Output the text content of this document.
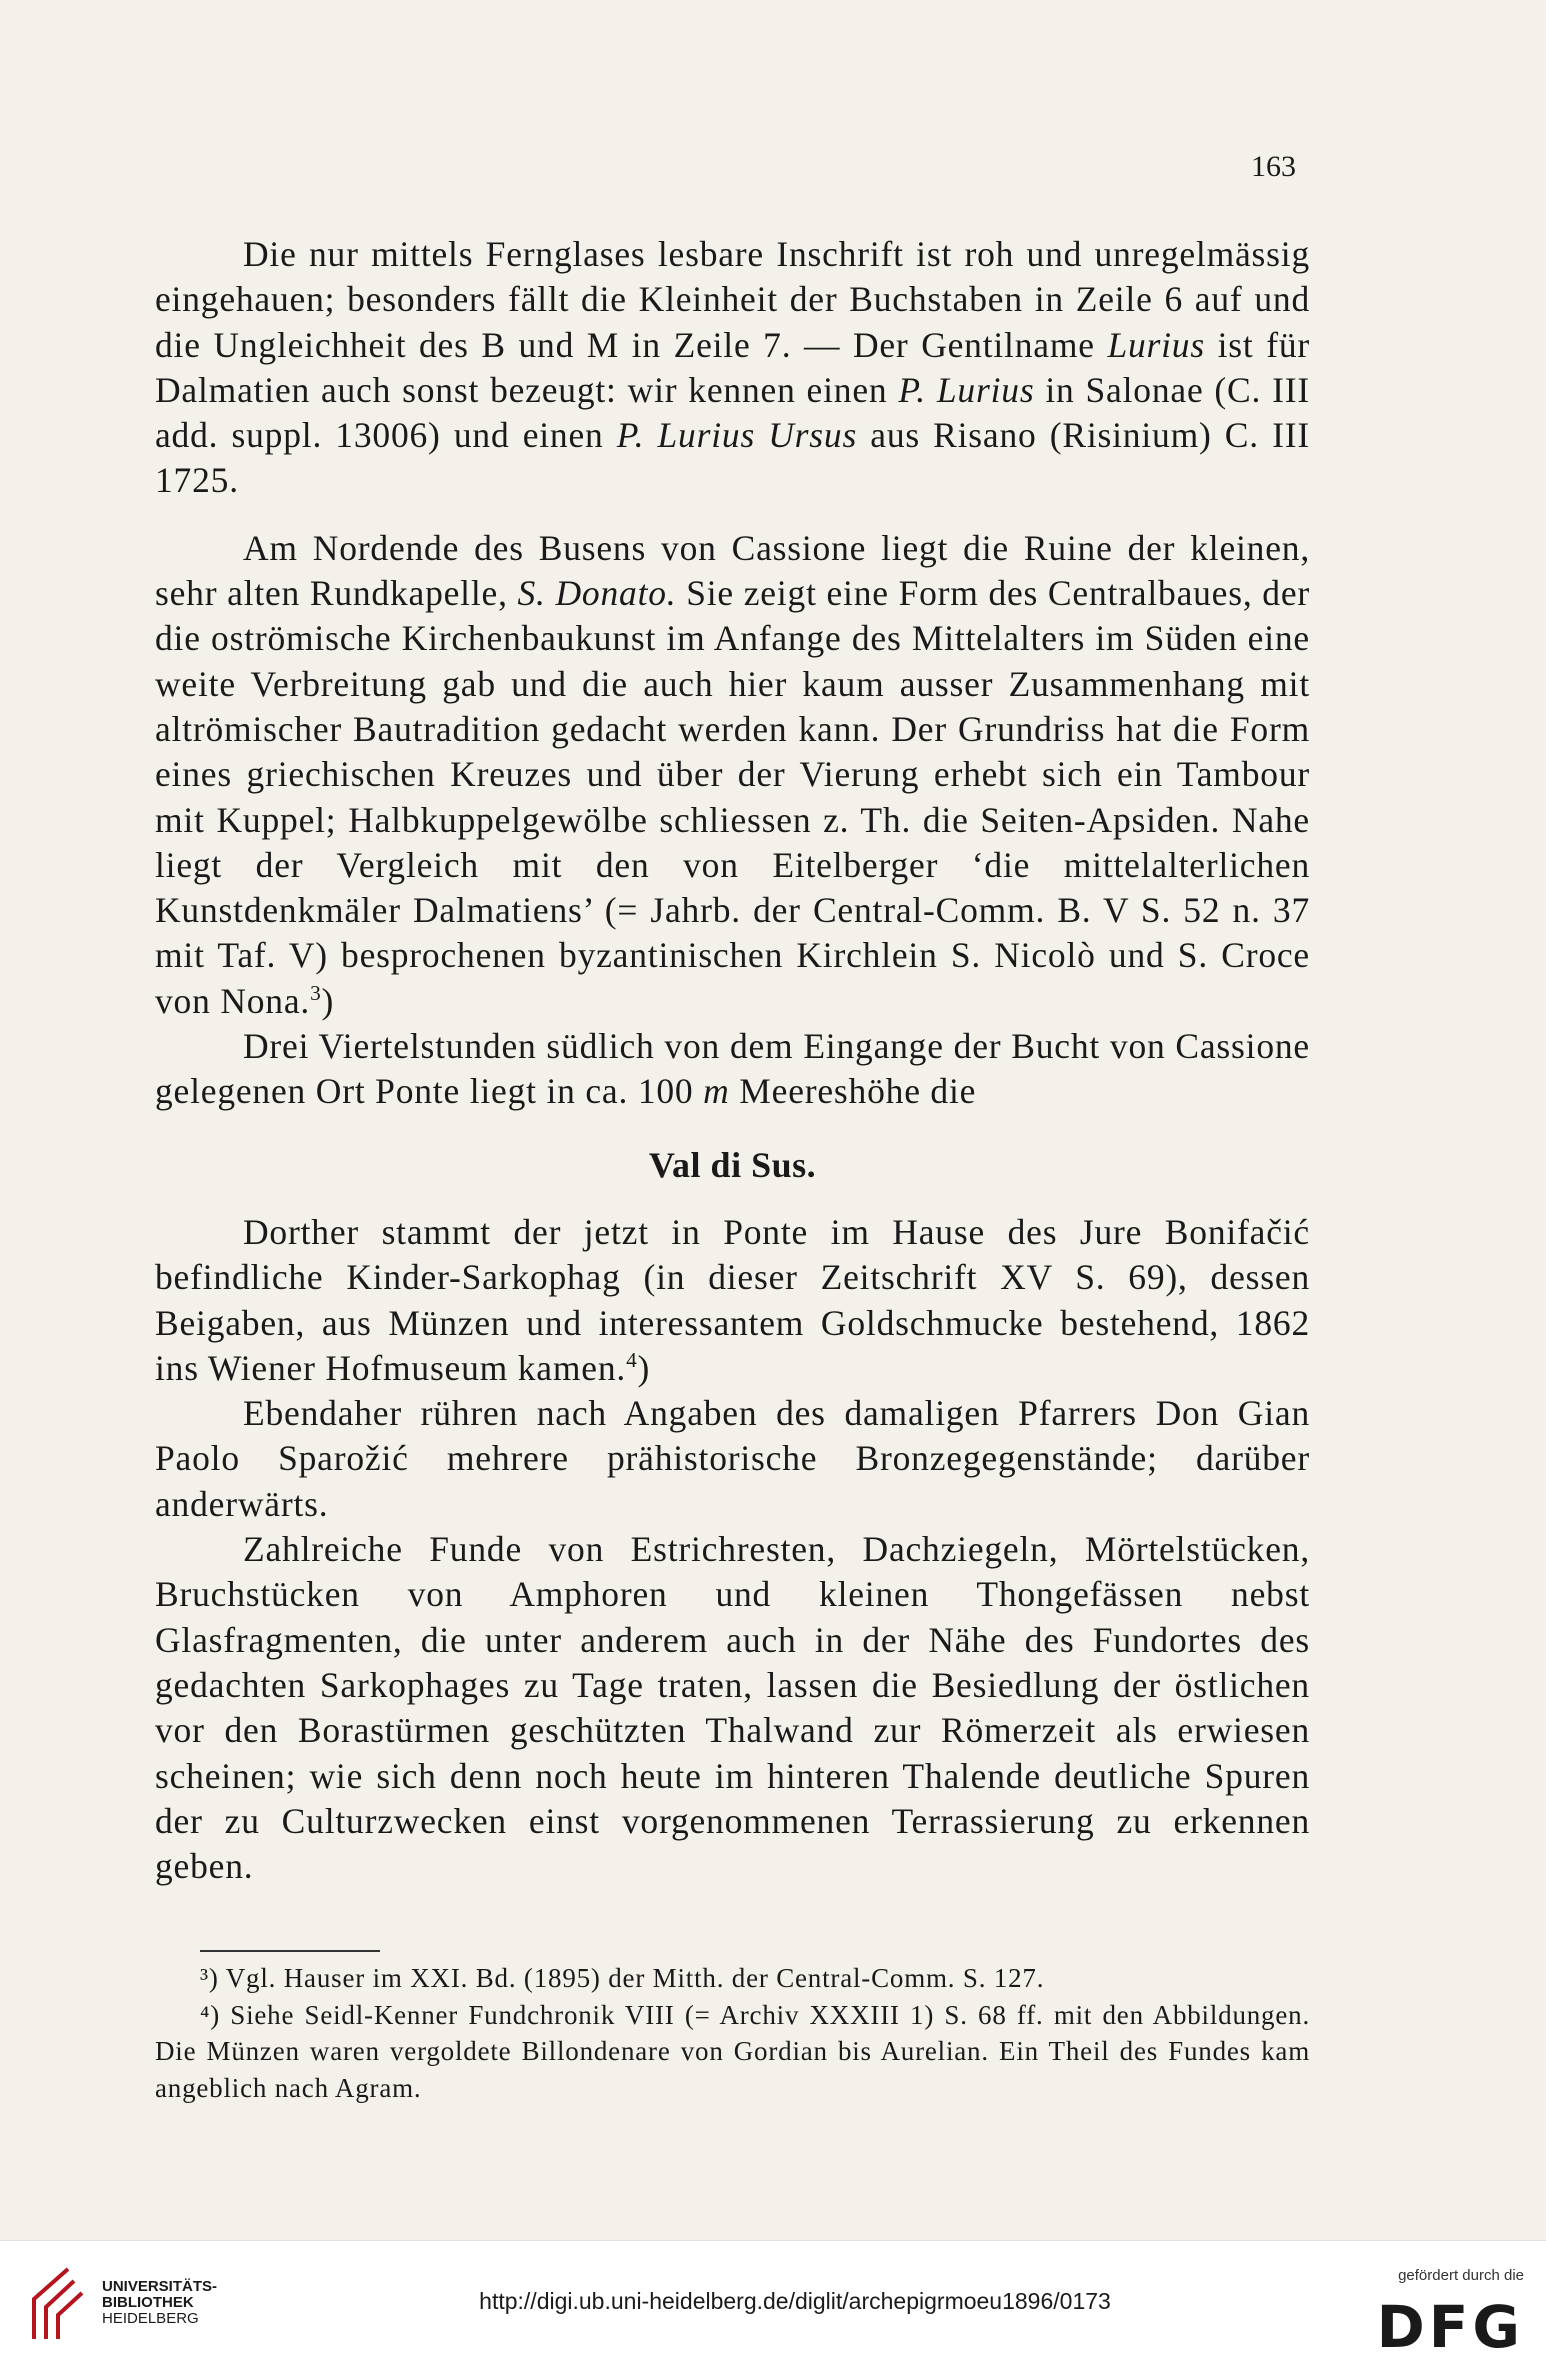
163

Die nur mittels Fernglases lesbare Inschrift ist roh und unregelmässig eingehauen; besonders fällt die Kleinheit der Buchstaben in Zeile 6 auf und die Ungleichheit des B und M in Zeile 7. — Der Gentilname Lurius ist für Dalmatien auch sonst bezeugt: wir kennen einen P. Lurius in Salonae (C. III add. suppl. 13006) und einen P. Lurius Ursus aus Risano (Risinium) C. III 1725.

Am Nordende des Busens von Cassione liegt die Ruine der kleinen, sehr alten Rundkapelle, S. Donato. Sie zeigt eine Form des Centralbaues, der die oströmische Kirchenbaukunst im Anfange des Mittelalters im Süden eine weite Verbreitung gab und die auch hier kaum ausser Zusammenhang mit altrömischer Bautradition gedacht werden kann. Der Grundriss hat die Form eines griechischen Kreuzes und über der Vierung erhebt sich ein Tambour mit Kuppel; Halbkuppelgewölbe schliessen z. Th. die Seiten-Apsiden. Nahe liegt der Vergleich mit den von Eitelberger ‘die mittelalterlichen Kunstdenkmäler Dalmatiens’ (= Jahrb. der Central-Comm. B. V S. 52 n. 37 mit Taf. V) besprochenen byzantinischen Kirchlein S. Nicolò und S. Croce von Nona.$^3$)

Drei Viertelstunden südlich von dem Eingange der Bucht von Cassione gelegenen Ort Ponte liegt in ca. 100 m Meereshöhe die

Val di Sus.

Dorther stammt der jetzt in Ponte im Hause des Jure Bonifačić befindliche Kinder-Sarkophag (in dieser Zeitschrift XV S. 69), dessen Beigaben, aus Münzen und interessantem Goldschmucke bestehend, 1862 ins Wiener Hofmuseum kamen.$^4$)

Ebendaher rühren nach Angaben des damaligen Pfarrers Don Gian Paolo Sparožić mehrere prähistorische Bronzegegenstände; darüber anderwärts.

Zahlreiche Funde von Estrichresten, Dachziegeln, Mörtelstücken, Bruchstücken von Amphoren und kleinen Thongefässen nebst Glasfragmenten, die unter anderem auch in der Nähe des Fundortes des gedachten Sarkophages zu Tage traten, lassen die Besiedlung der östlichen vor den Borastürmen geschützten Thalwand zur Römerzeit als erwiesen scheinen; wie sich denn noch heute im hinteren Thalende deutliche Spuren der zu Culturzwecken einst vorgenommenen Terrassierung zu erkennen geben.

³) Vgl. Hauser im XXI. Bd. (1895) der Mitth. der Central-Comm. S. 127.

⁴) Siehe Seidl-Kenner Fundchronik VIII (= Archiv XXXIII 1) S. 68 ff. mit den Abbildungen. Die Münzen waren vergoldete Billondenare von Gordian bis Aurelian. Ein Theil des Fundes kam angeblich nach Agram.

UNIVERSITÄTS-
BIBLIOTHEK
HEIDELBERG
http://digi.ub.uni-heidelberg.de/diglit/archepigrmoeu1896/0173
gefördert durch die
DFG
